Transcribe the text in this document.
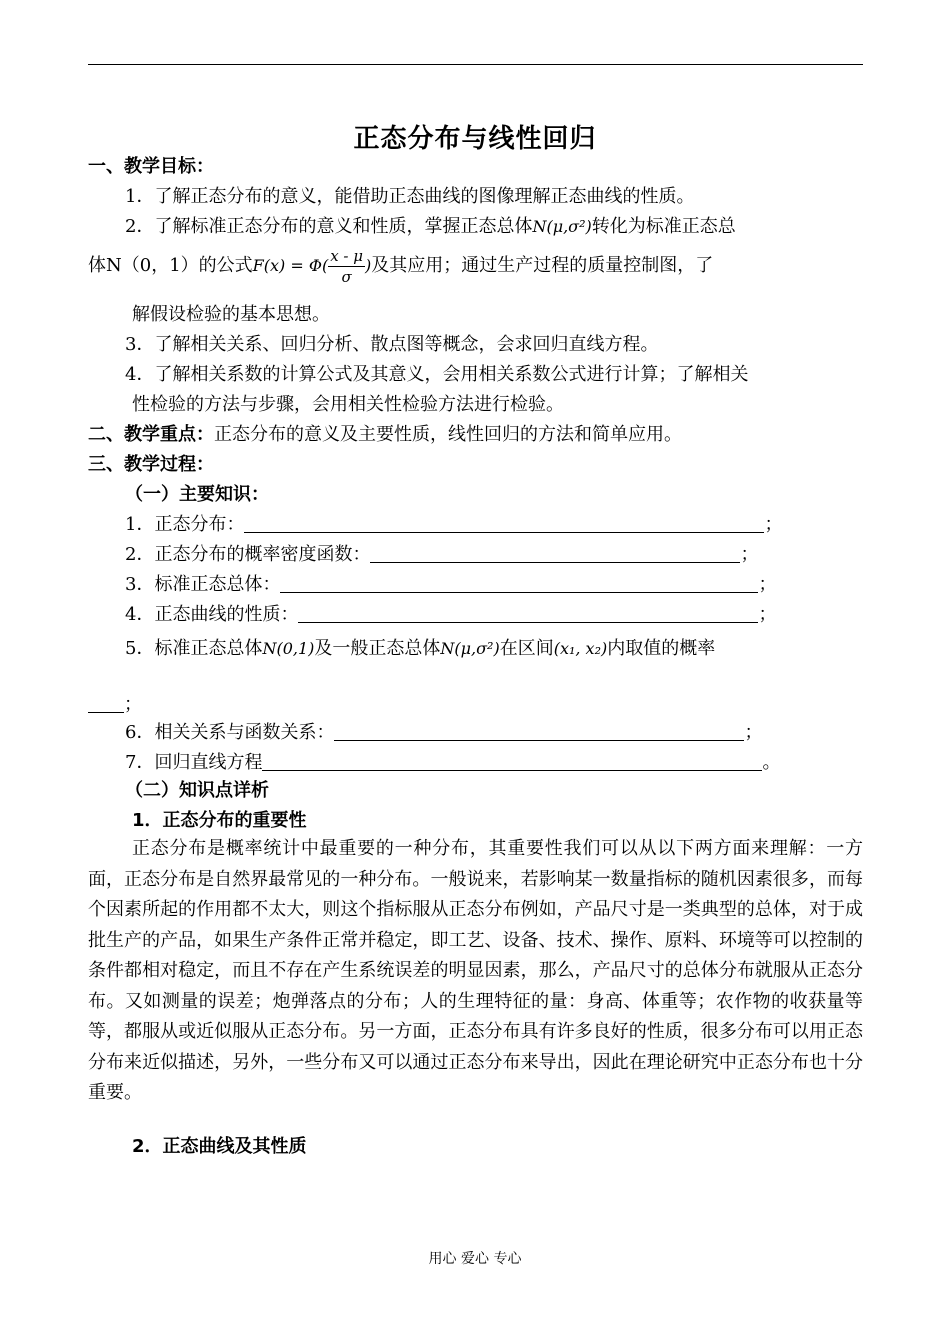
正态分布与线性回归
一、教学目标：
1．了解正态分布的意义，能借助正态曲线的图像理解正态曲线的性质。
2．了解标准正态分布的意义和性质，掌握正态总体N(μ,σ²)转化为标准正态总
体N（0，1）的公式$F(x) = \Phi( \frac{x - \mu}{\sigma}$ )及其应用；通过生产过程的质量控制图，了
解假设检验的基本思想。
3．了解相关关系、回归分析、散点图等概念，会求回归直线方程。
4．了解相关系数的计算公式及其意义，会用相关系数公式进行计算；了解相关
性检验的方法与步骤，会用相关性检验方法进行检验。
二、教学重点：正态分布的意义及主要性质，线性回归的方法和简单应用。
三、教学过程：
（一）主要知识：
1．正态分布：	；
2．正态分布的概率密度函数：	；
3．标准正态总体：	；
4．正态曲线的性质：	；
5．标准正态总体N(0,1)及一般正态总体N(μ,σ²)在区间(x₁, x₂)内取值的概率
；
6．相关关系与函数关系：	；
7．回归直线方程	。
（二）知识点详析
1．正态分布的重要性
正态分布是概率统计中最重要的一种分布，其重要性我们可以从以下两方面来理解：一方面，正态分布是自然界最常见的一种分布。一般说来，若影响某一数量指标的随机因素很多，而每个因素所起的作用都不太大，则这个指标服从正态分布例如，产品尺寸是一类典型的总体，对于成批生产的产品，如果生产条件正常并稳定，即工艺、设备、技术、操作、原料、环境等可以控制的条件都相对稳定，而且不存在产生系统误差的明显因素，那么，产品尺寸的总体分布就服从正态分布。又如测量的误差；炮弹落点的分布；人的生理特征的量：身高、体重等；农作物的收获量等等，都服从或近似服从正态分布。另一方面，正态分布具有许多良好的性质，很多分布可以用正态分布来近似描述，另外，一些分布又可以通过正态分布来导出，因此在理论研究中正态分布也十分重要。
2．正态曲线及其性质
用心 爱心 专心
